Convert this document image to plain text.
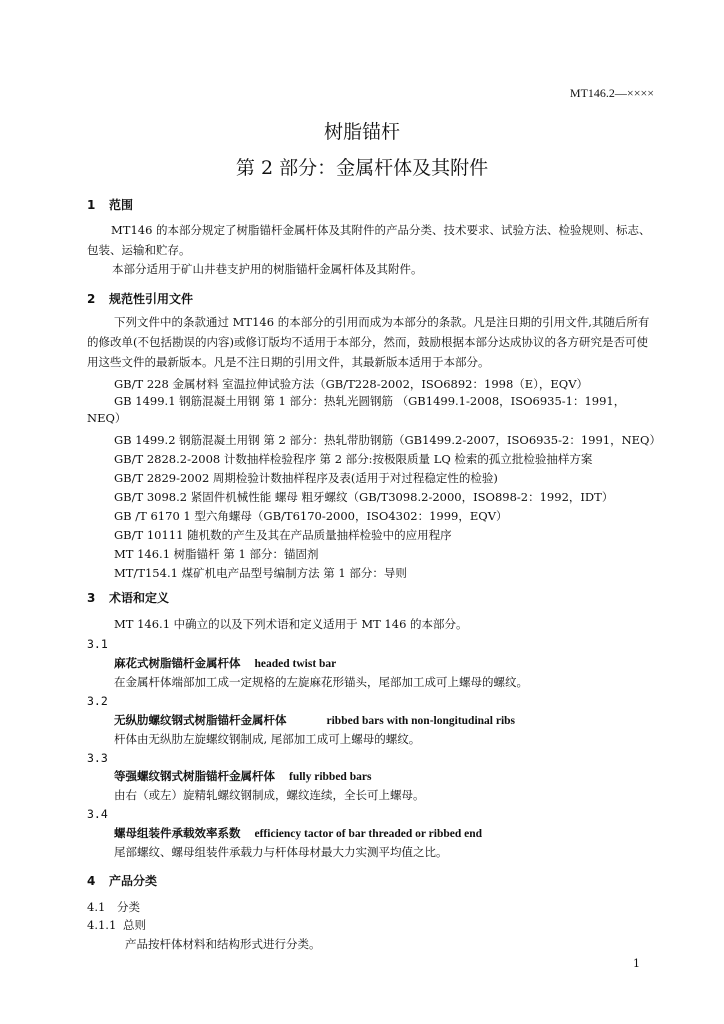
MT146.2—××××
树脂锚杆
第 2 部分：金属杆体及其附件
1 范围
MT146 的本部分规定了树脂锚杆金属杆体及其附件的产品分类、技术要求、试验方法、检验规则、标志、包装、运输和贮存。
本部分适用于矿山井巷支护用的树脂锚杆金属杆体及其附件。
2 规范性引用文件
下列文件中的条款通过 MT146 的本部分的引用而成为本部分的条款。凡是注日期的引用文件,其随后所有的修改单(不包括勘误的内容)或修订版均不适用于本部分，然而，鼓励根据本部分达成协议的各方研究是否可使用这些文件的最新版本。凡是不注日期的引用文件，其最新版本适用于本部分。
GB/T 228 金属材料 室温拉伸试验方法（GB/T228-2002，ISO6892：1998（E），EQV）
GB 1499.1 钢筋混凝土用钢 第 1 部分：热轧光圆钢筋 （GB1499.1-2008，ISO6935-1：1991，
NEQ）
GB 1499.2 钢筋混凝土用钢 第 2 部分：热轧带肋钢筋（GB1499.2-2007，ISO6935-2：1991，NEQ）
GB/T 2828.2-2008 计数抽样检验程序 第 2 部分:按极限质量 LQ 检索的孤立批检验抽样方案
GB/T 2829-2002 周期检验计数抽样程序及表(适用于对过程稳定性的检验)
GB/T 3098.2 紧固件机械性能 螺母 粗牙螺纹（GB/T3098.2-2000，ISO898-2：1992，IDT）
GB /T 6170 1 型六角螺母（GB/T6170-2000，ISO4302：1999，EQV）
GB/T 10111 随机数的产生及其在产品质量抽样检验中的应用程序
MT 146.1 树脂锚杆 第 1 部分：锚固剂
MT/T154.1 煤矿机电产品型号编制方法 第 1 部分：导则
3 术语和定义
MT 146.1 中确立的以及下列术语和定义适用于 MT 146 的本部分。
3.1
麻花式树脂锚杆金属杆体 headed twist bar
在金属杆体端部加工成一定规格的左旋麻花形锚头，尾部加工成可上螺母的螺纹。
3.2
无纵肋螺纹钢式树脂锚杆金属杆体	ribbed bars with non-longitudinal ribs
杆体由无纵肋左旋螺纹钢制成, 尾部加工成可上螺母的螺纹。
3.3
等强螺纹钢式树脂锚杆金属杆体 fully ribbed bars
由右（或左）旋精轧螺纹钢制成，螺纹连续，全长可上螺母。
3.4
螺母组装件承载效率系数 efficiency tactor of bar threaded or ribbed end
尾部螺纹、螺母组装件承载力与杆体母材最大力实测平均值之比。
4 产品分类
4.1 分类
4.1.1 总则
产品按杆体材料和结构形式进行分类。
1
